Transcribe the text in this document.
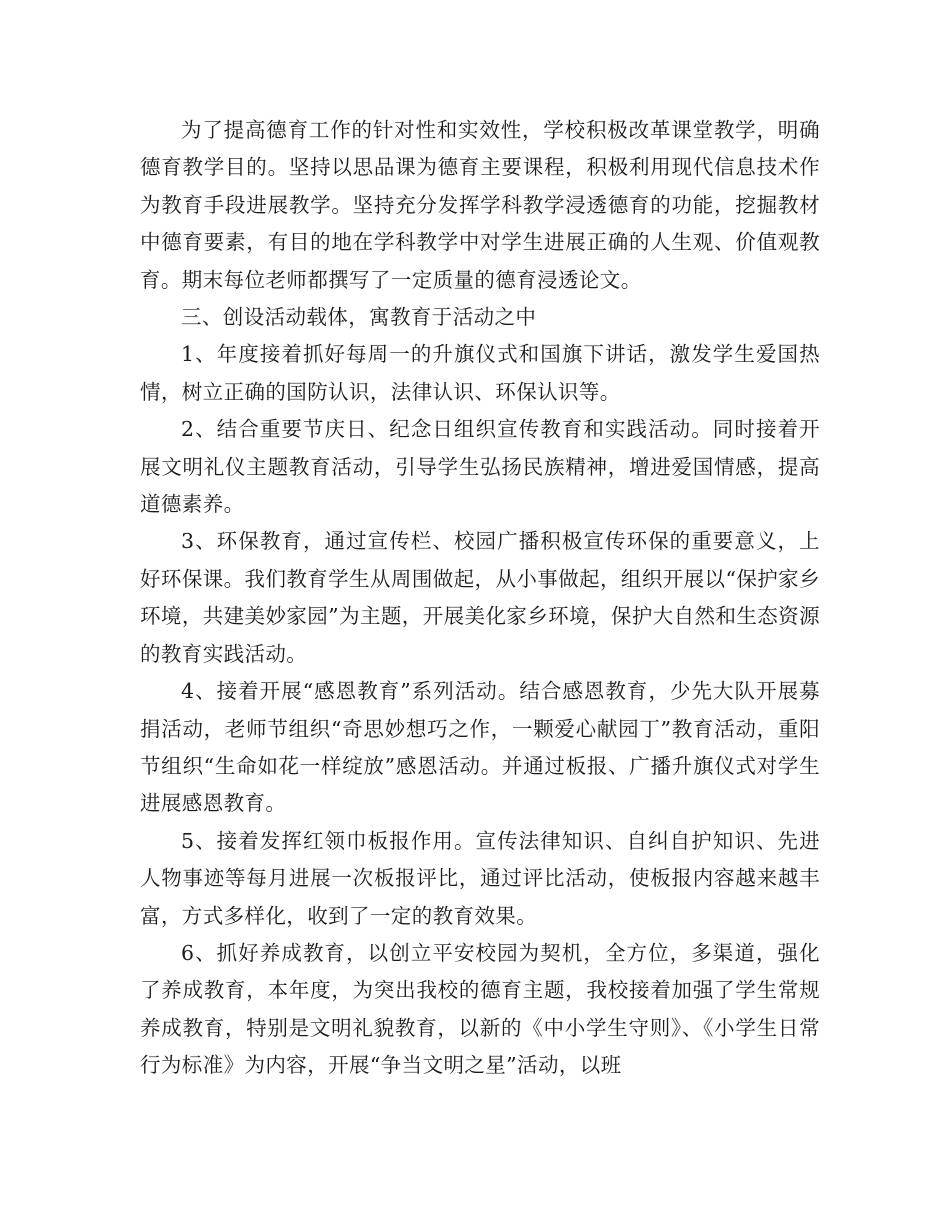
为了提高德育工作的针对性和实效性，学校积极改革课堂教学，明确德育教学目的。坚持以思品课为德育主要课程，积极利用现代信息技术作为教育手段进展教学。坚持充分发挥学科教学浸透德育的功能，挖掘教材中德育要素，有目的地在学科教学中对学生进展正确的人生观、价值观教育。期末每位老师都撰写了一定质量的德育浸透论文。

三、创设活动载体，寓教育于活动之中

1、年度接着抓好每周一的升旗仪式和国旗下讲话，激发学生爱国热情，树立正确的国防认识，法律认识、环保认识等。

2、结合重要节庆日、纪念日组织宣传教育和实践活动。同时接着开展文明礼仪主题教育活动，引导学生弘扬民族精神，增进爱国情感，提高道德素养。

3、环保教育，通过宣传栏、校园广播积极宣传环保的重要意义，上好环保课。我们教育学生从周围做起，从小事做起，组织开展以“保护家乡环境，共建美妙家园”为主题，开展美化家乡环境，保护大自然和生态资源的教育实践活动。

4、接着开展“感恩教育”系列活动。结合感恩教育，少先大队开展募捐活动，老师节组织“奇思妙想巧之作，一颗爱心献园丁”教育活动，重阳节组织“生命如花一样绽放”感恩活动。并通过板报、广播升旗仪式对学生进展感恩教育。

5、接着发挥红领巾板报作用。宣传法律知识、自纠自护知识、先进人物事迹等每月进展一次板报评比，通过评比活动，使板报内容越来越丰富，方式多样化，收到了一定的教育效果。

6、抓好养成教育，以创立平安校园为契机，全方位，多渠道，强化了养成教育，本年度，为突出我校的德育主题，我校接着加强了学生常规养成教育，特别是文明礼貌教育，以新的《中小学生守则》、《小学生日常行为标准》为内容，开展“争当文明之星”活动，以班
